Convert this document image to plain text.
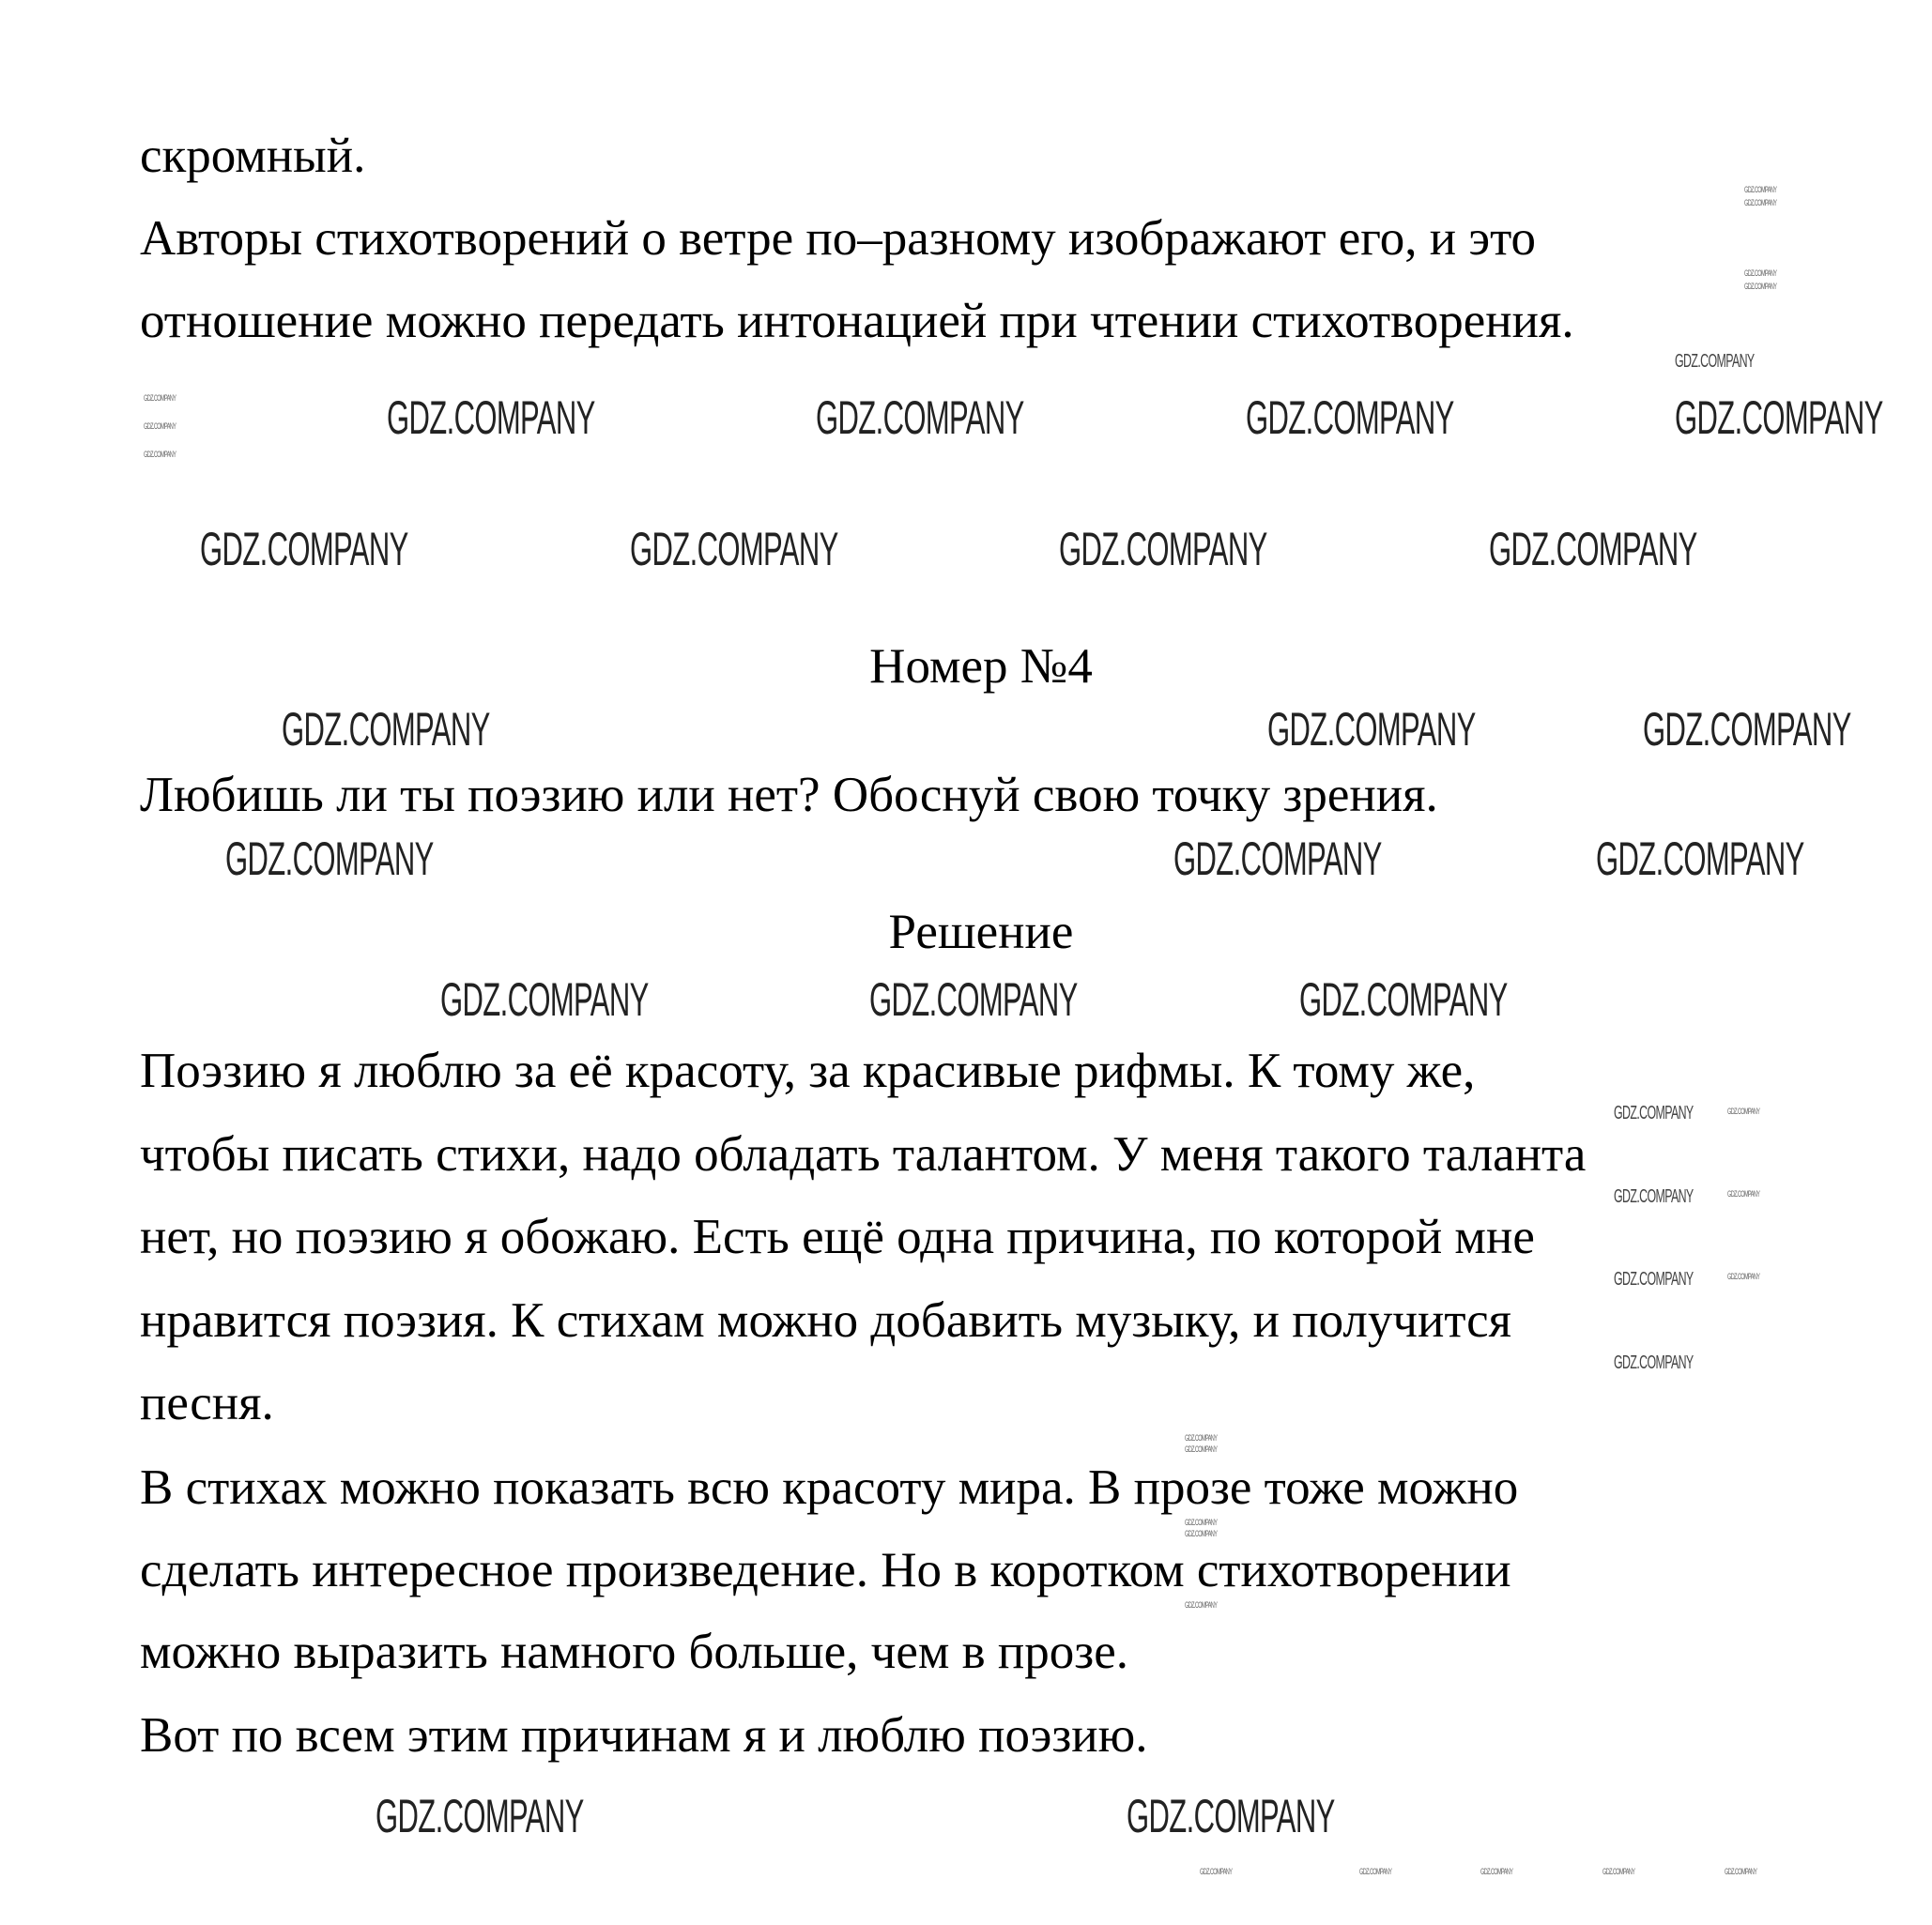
скромный.
Авторы стихотворений о ветре по‒разному изображают его, и это
отношение можно передать интонацией при чтении стихотворения.
Номер №4
Любишь ли ты поэзию или нет? Обоснуй свою точку зрения.
Решение
Поэзию я люблю за её красоту, за красивые рифмы. К тому же,
чтобы писать стихи, надо обладать талантом. У меня такого таланта
нет, но поэзию я обожаю. Есть ещё одна причина, по которой мне
нравится поэзия. К стихам можно добавить музыку, и получится
песня.
В стихах можно показать всю красоту мира. В прозе тоже можно
сделать интересное произведение. Но в коротком стихотворении
можно выразить намного больше, чем в прозе.
Вот по всем этим причинам я и люблю поэзию.
GDZ.COMPANY	GDZ.COMPANY	GDZ.COMPANY	GDZ.COMPANY
GDZ.COMPANY	GDZ.COMPANY	GDZ.COMPANY	GDZ.COMPANY
GDZ.COMPANY	GDZ.COMPANY	GDZ.COMPANY
GDZ.COMPANY	GDZ.COMPANY	GDZ.COMPANY
GDZ.COMPANY	GDZ.COMPANY	GDZ.COMPANY
GDZ.COMPANY	GDZ.COMPANY
GDZ.COMPANY
GDZ.COMPANY
GDZ.COMPANY
GDZ.COMPANY
GDZ.COMPANY
GDZ.COMPANY
GDZ.COMPANY
GDZ.COMPANY
GDZ.COMPANY
GDZ.COMPANY
GDZ.COMPANY
GDZ.COMPANY
GDZ.COMPANY
GDZ.COMPANY
GDZ.COMPANY
GDZ.COMPANY
GDZ.COMPANY
GDZ.COMPANY
GDZ.COMPANY
GDZ.COMPANY
GDZ.COMPANY	GDZ.COMPANY	GDZ.COMPANY	GDZ.COMPANY	GDZ.COMPANY
